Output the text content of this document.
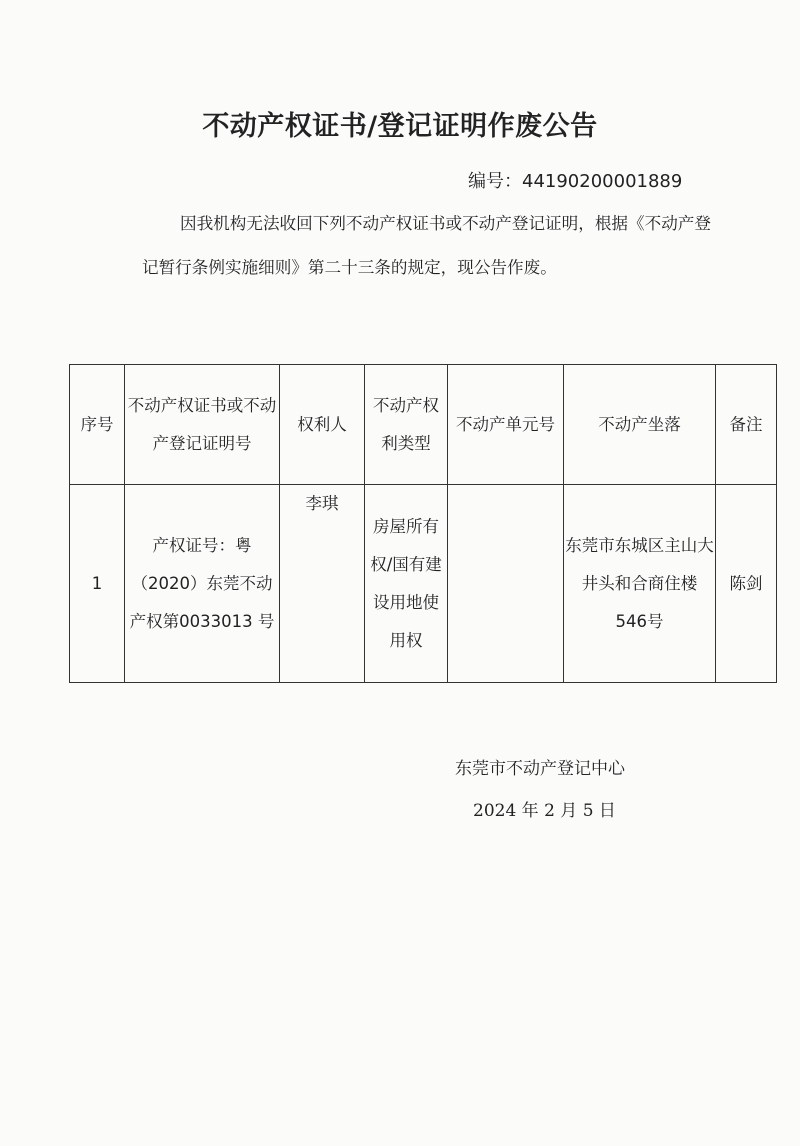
不动产权证书/登记证明作废公告
编号：44190200001889

因我机构无法收回下列不动产权证书或不动产登记证明，根据《不动产登记暂行条例实施细则》第二十三条的规定，现公告作废。

序号	不动产权证书或不动产登记证明号	权利人	不动产权利类型	不动产单元号	不动产坐落	备注
1	产权证号：粤（2020）东莞不动产权第0033013 号	李琪	房屋所有权/国有建设用地使用权		东莞市东城区主山大井头和合商住楼 546号	陈剑
东莞市不动产登记中心
2024 年 2 月 5 日
